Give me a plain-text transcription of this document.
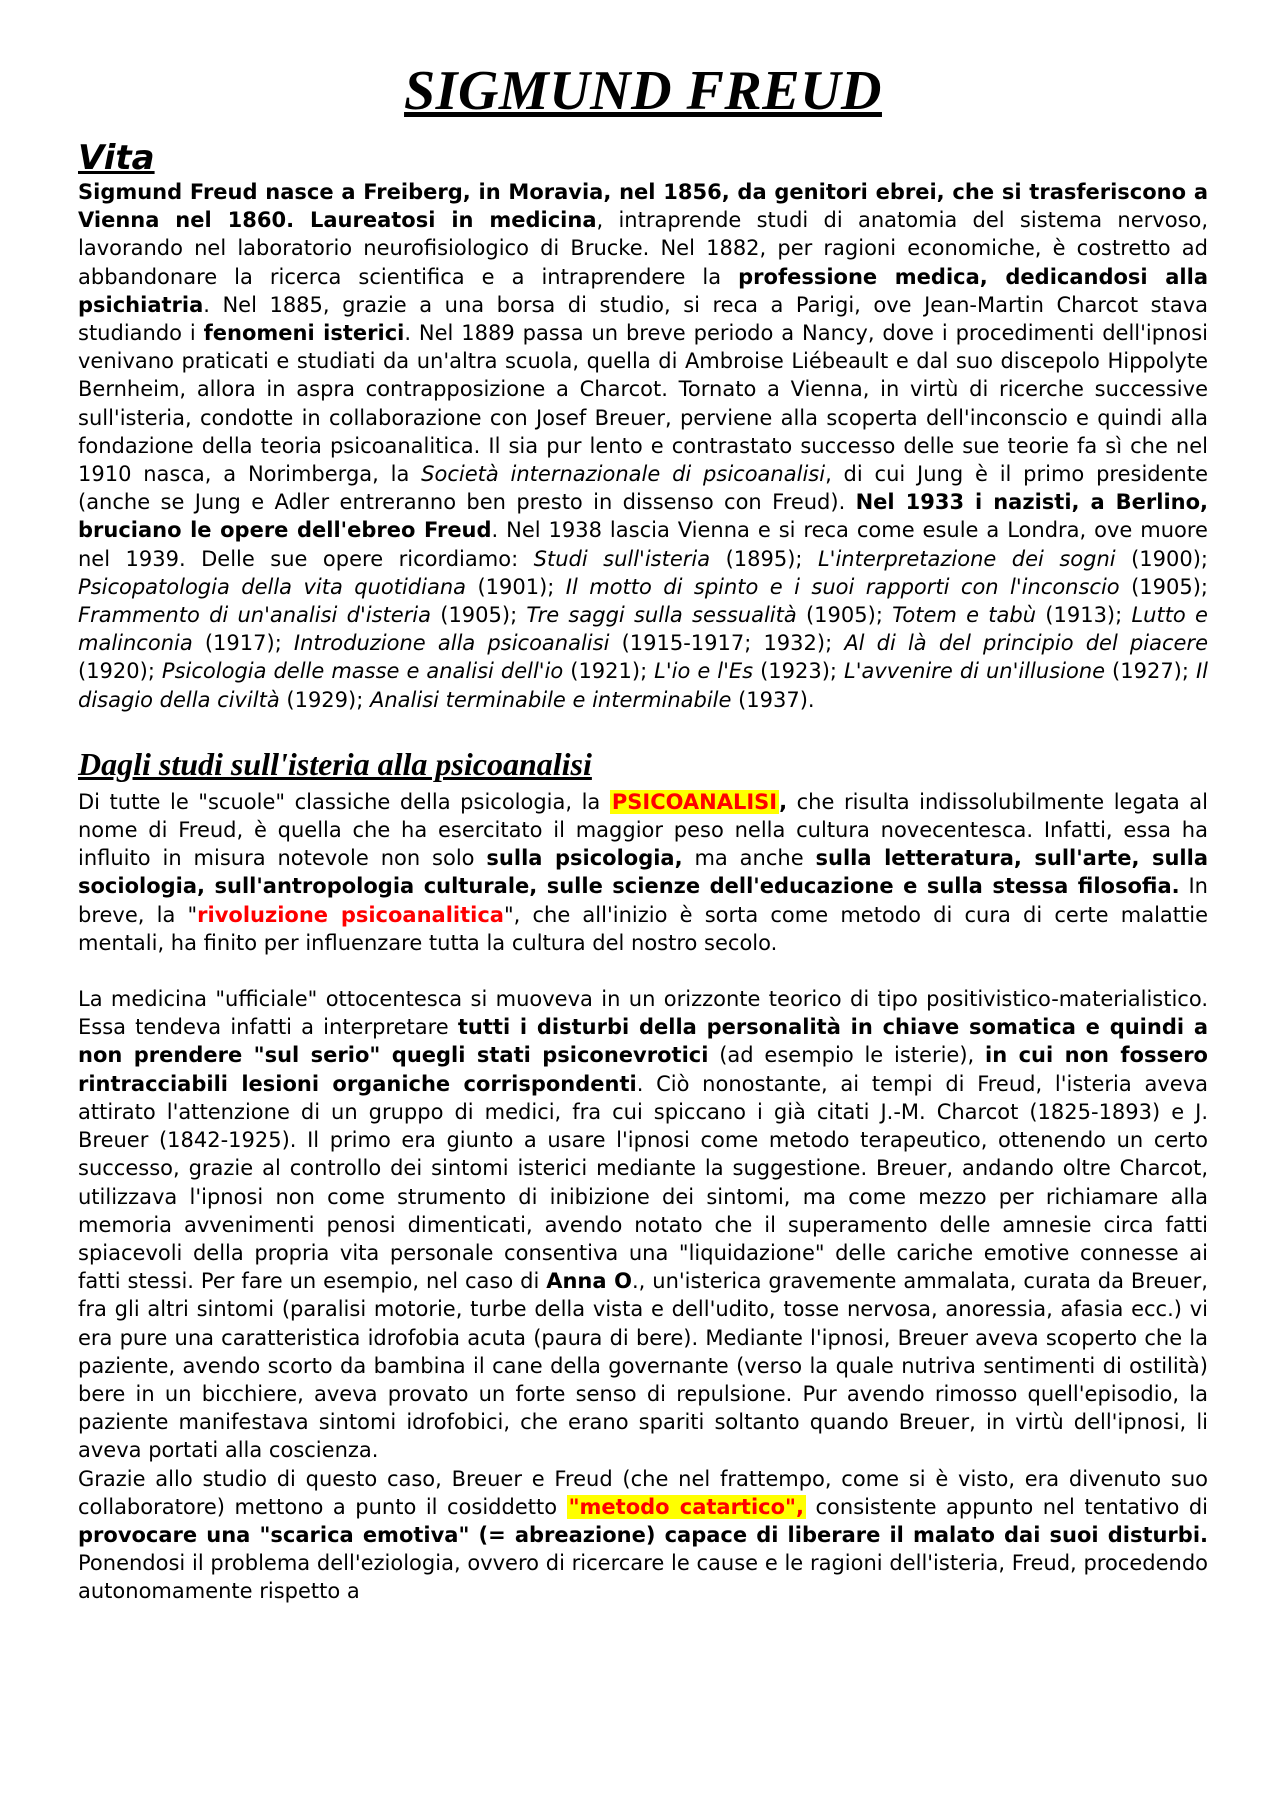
SIGMUND FREUD
Vita

Sigmund Freud nasce a Freiberg, in Moravia, nel 1856, da genitori ebrei, che si trasferiscono a Vienna nel 1860. Laureatosi in medicina, intraprende studi di anatomia del sistema nervoso, lavorando nel laboratorio neurofisiologico di Brucke. Nel 1882, per ragioni economiche, è costretto ad abbandonare la ricerca scientifica e a intraprendere la professione medica, dedicandosi alla psichiatria. Nel 1885, grazie a una borsa di studio, si reca a Parigi, ove Jean-Martin Charcot stava studiando i fenomeni isterici. Nel 1889 passa un breve periodo a Nancy, dove i procedimenti dell'ipnosi venivano praticati e studiati da un'altra scuola, quella di Ambroise Liébeault e dal suo discepolo Hippolyte Bernheim, allora in aspra contrapposizione a Charcot. Tornato a Vienna, in virtù di ricerche successive sull'isteria, condotte in collaborazione con Josef Breuer, perviene alla scoperta dell'inconscio e quindi alla fondazione della teoria psicoanalitica. Il sia pur lento e contrastato successo delle sue teorie fa sì che nel 1910 nasca, a Norimberga, la Società internazionale di psicoanalisi, di cui Jung è il primo presidente (anche se Jung e Adler entreranno ben presto in dissenso con Freud). Nel 1933 i nazisti, a Berlino, bruciano le opere dell'ebreo Freud. Nel 1938 lascia Vienna e si reca come esule a Londra, ove muore nel 1939. Delle sue opere ricordiamo: Studi sull'isteria (1895); L'interpretazione dei sogni (1900); Psicopatologia della vita quotidiana (1901); Il motto di spinto e i suoi rapporti con l'inconscio (1905); Frammento di un'analisi d'isteria (1905); Tre saggi sulla sessualità (1905); Totem e tabù (1913); Lutto e malinconia (1917); Introduzione alla psicoanalisi (1915-1917; 1932); Al di là del principio del piacere (1920); Psicologia delle masse e analisi dell'io (1921); L'io e l'Es (1923); L'avvenire di un'illusione (1927); Il disagio della civiltà (1929); Analisi terminabile e interminabile (1937).

Dagli studi sull'isteria alla psicoanalisi

Di tutte le "scuole" classiche della psicologia, la PSICOANALISI, che risulta indissolubilmente legata al nome di Freud, è quella che ha esercitato il maggior peso nella cultura novecentesca. Infatti, essa ha influito in misura notevole non solo sulla psicologia, ma anche sulla letteratura, sull'arte, sulla sociologia, sull'antropologia culturale, sulle scienze dell'educazione e sulla stessa filosofia. In breve, la "rivoluzione psicoanalitica", che all'inizio è sorta come metodo di cura di certe malattie mentali, ha finito per influenzare tutta la cultura del nostro secolo.

La medicina "ufficiale" ottocentesca si muoveva in un orizzonte teorico di tipo positivistico-materialistico. Essa tendeva infatti a interpretare tutti i disturbi della personalità in chiave somatica e quindi a non prendere "sul serio" quegli stati psiconevrotici (ad esempio le isterie), in cui non fossero rintracciabili lesioni organiche corrispondenti. Ciò nonostante, ai tempi di Freud, l'isteria aveva attirato l'attenzione di un gruppo di medici, fra cui spiccano i già citati J.-M. Charcot (1825-1893) e J. Breuer (1842-1925). Il primo era giunto a usare l'ipnosi come metodo terapeutico, ottenendo un certo successo, grazie al controllo dei sintomi isterici mediante la suggestione. Breuer, andando oltre Charcot, utilizzava l'ipnosi non come strumento di inibizione dei sintomi, ma come mezzo per richiamare alla memoria avvenimenti penosi dimenticati, avendo notato che il superamento delle amnesie circa fatti spiacevoli della propria vita personale consentiva una "liquidazione" delle cariche emotive connesse ai fatti stessi. Per fare un esempio, nel caso di Anna O., un'isterica gravemente ammalata, curata da Breuer, fra gli altri sintomi (paralisi motorie, turbe della vista e dell'udito, tosse nervosa, anoressia, afasia ecc.) vi era pure una caratteristica idrofobia acuta (paura di bere). Mediante l'ipnosi, Breuer aveva scoperto che la paziente, avendo scorto da bambina il cane della governante (verso la quale nutriva sentimenti di ostilità) bere in un bicchiere, aveva provato un forte senso di repulsione. Pur avendo rimosso quell'episodio, la paziente manifestava sintomi idrofobici, che erano spariti soltanto quando Breuer, in virtù dell'ipnosi, li aveva portati alla coscienza.

Grazie allo studio di questo caso, Breuer e Freud (che nel frattempo, come si è visto, era divenuto suo collaboratore) mettono a punto il cosiddetto "metodo catartico", consistente appunto nel tentativo di provocare una "scarica emotiva" (= abreazione) capace di liberare il malato dai suoi disturbi. Ponendosi il problema dell'eziologia, ovvero di ricercare le cause e le ragioni dell'isteria, Freud, procedendo autonomamente rispetto a
